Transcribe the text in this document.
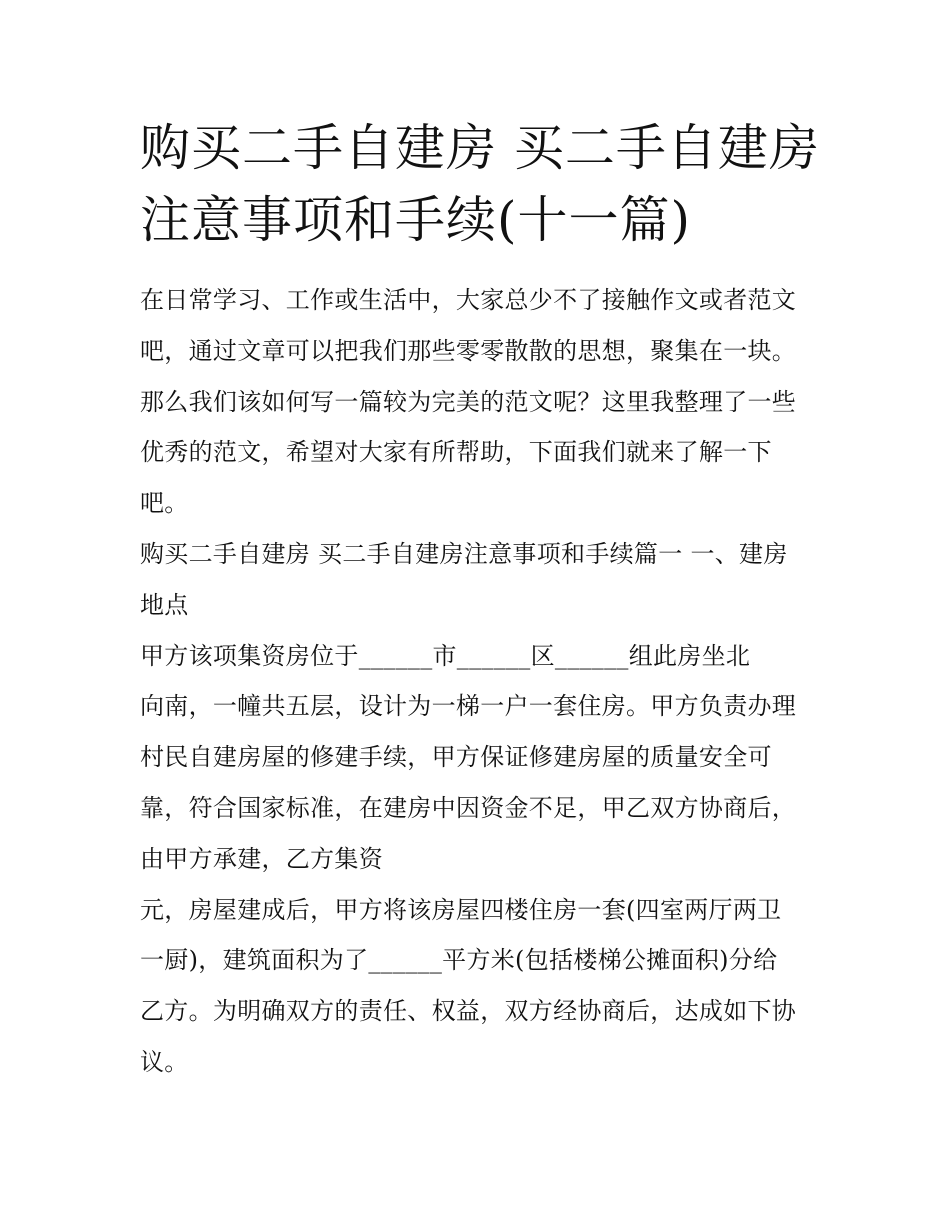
购买二手自建房 买二手自建房
注意事项和手续(十一篇)
在日常学习、工作或生活中，大家总少不了接触作文或者范文
吧，通过文章可以把我们那些零零散散的思想，聚集在一块。
那么我们该如何写一篇较为完美的范文呢？这里我整理了一些
优秀的范文，希望对大家有所帮助，下面我们就来了解一下
吧。
购买二手自建房 买二手自建房注意事项和手续篇一 一、建房
地点
甲方该项集资房位于______市______区______组此房坐北
向南，一幢共五层，设计为一梯一户一套住房。甲方负责办理
村民自建房屋的修建手续，甲方保证修建房屋的质量安全可
靠，符合国家标准，在建房中因资金不足，甲乙双方协商后，
由甲方承建，乙方集资
元，房屋建成后，甲方将该房屋四楼住房一套(四室两厅两卫
一厨)，建筑面积为了______平方米(包括楼梯公摊面积)分给
乙方。为明确双方的责任、权益，双方经协商后，达成如下协
议。
